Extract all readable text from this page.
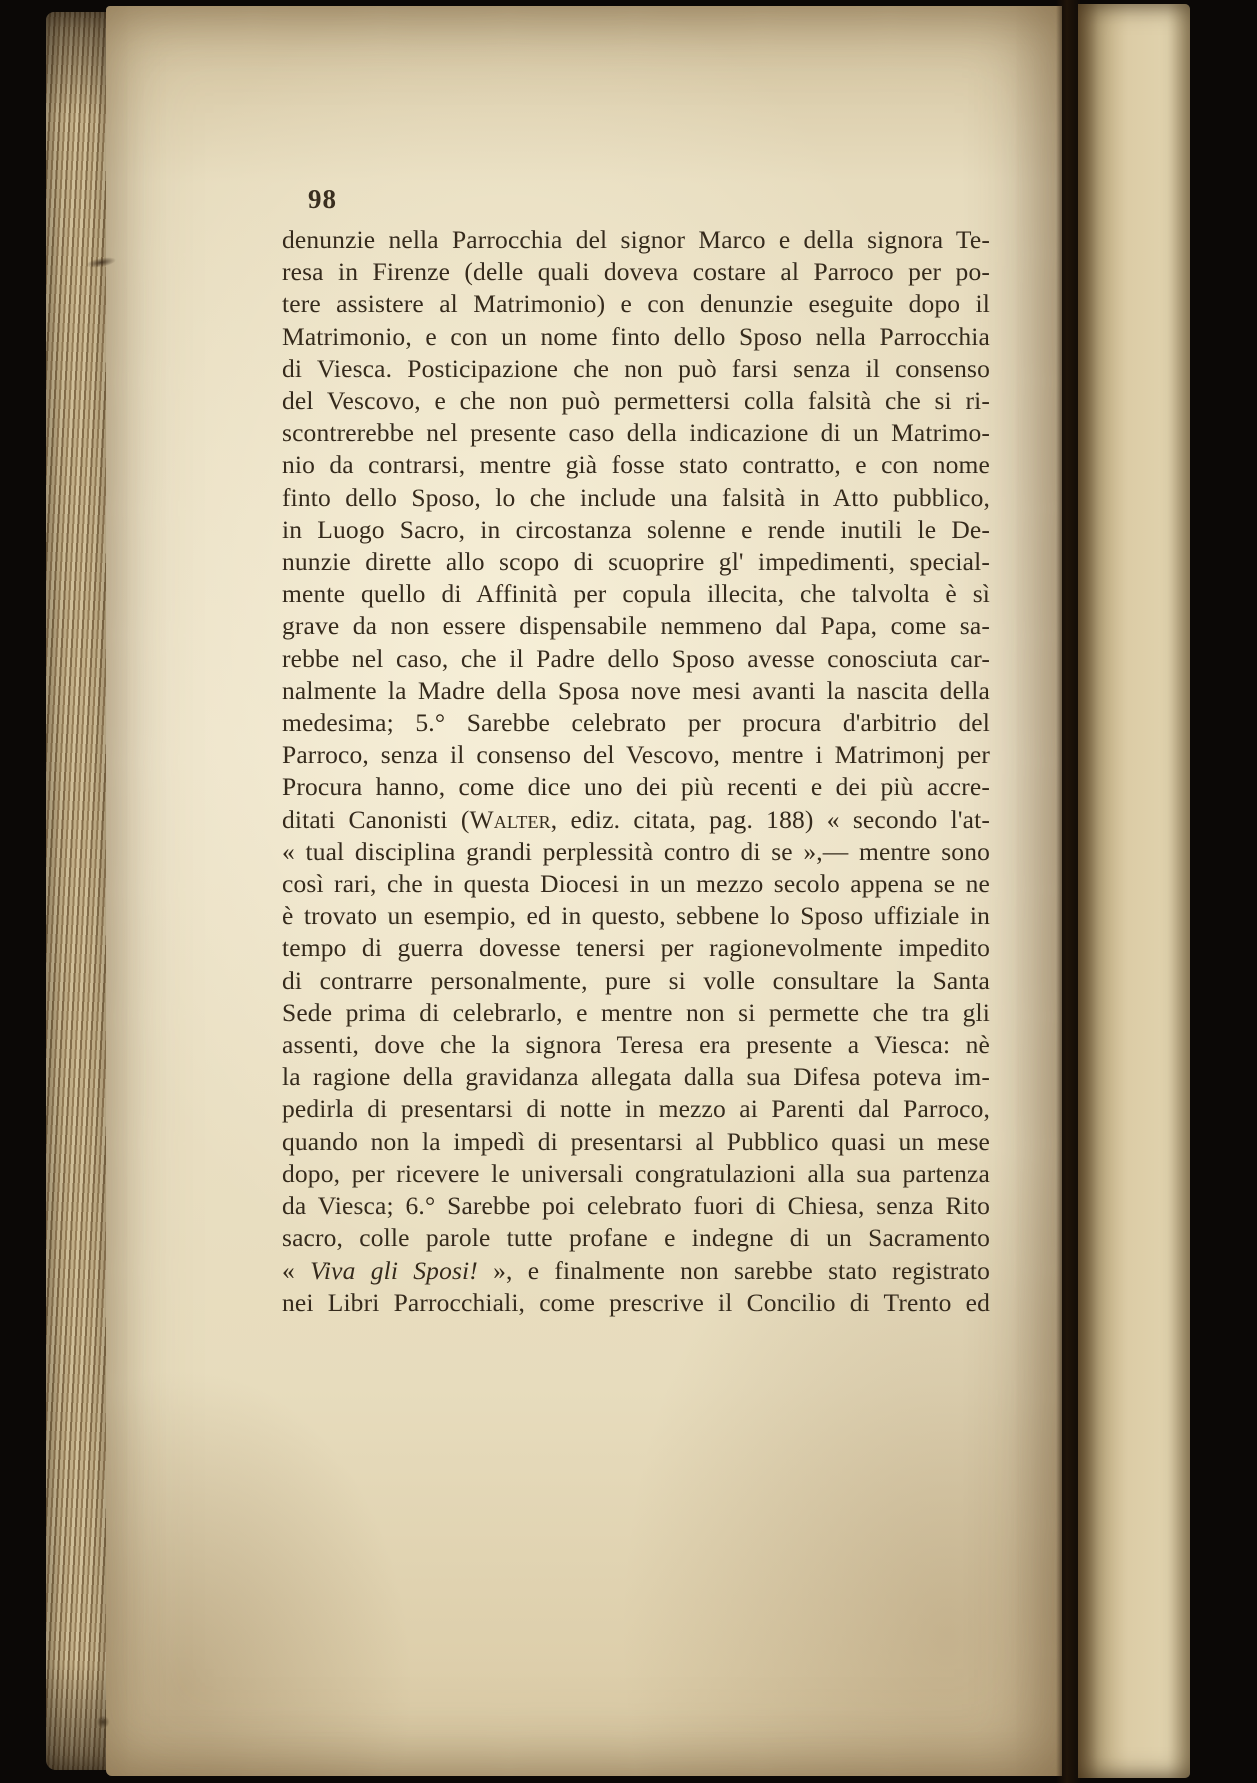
98
denunzie nella Parrocchia del signor Marco e della signora Te-
resa in Firenze (delle quali doveva costare al Parroco per po-
tere assistere al Matrimonio) e con denunzie eseguite dopo il
Matrimonio, e con un nome finto dello Sposo nella Parrocchia
di Viesca. Posticipazione che non può farsi senza il consenso
del Vescovo, e che non può permettersi colla falsità che si ri-
scontrerebbe nel presente caso della indicazione di un Matrimo-
nio da contrarsi, mentre già fosse stato contratto, e con nome
finto dello Sposo, lo che include una falsità in Atto pubblico,
in Luogo Sacro, in circostanza solenne e rende inutili le De-
nunzie dirette allo scopo di scuoprire gl' impedimenti, special-
mente quello di Affinità per copula illecita, che talvolta è sì
grave da non essere dispensabile nemmeno dal Papa, come sa-
rebbe nel caso, che il Padre dello Sposo avesse conosciuta car-
nalmente la Madre della Sposa nove mesi avanti la nascita della
medesima; 5.° Sarebbe celebrato per procura d'arbitrio del
Parroco, senza il consenso del Vescovo, mentre i Matrimonj per
Procura hanno, come dice uno dei più recenti e dei più accre-
ditati Canonisti (Walter, ediz. citata, pag. 188) « secondo l'at-
« tual disciplina grandi perplessità contro di se »,— mentre sono
così rari, che in questa Diocesi in un mezzo secolo appena se ne
è trovato un esempio, ed in questo, sebbene lo Sposo uffiziale in
tempo di guerra dovesse tenersi per ragionevolmente impedito
di contrarre personalmente, pure si volle consultare la Santa
Sede prima di celebrarlo, e mentre non si permette che tra gli
assenti, dove che la signora Teresa era presente a Viesca: nè
la ragione della gravidanza allegata dalla sua Difesa poteva im-
pedirla di presentarsi di notte in mezzo ai Parenti dal Parroco,
quando non la impedì di presentarsi al Pubblico quasi un mese
dopo, per ricevere le universali congratulazioni alla sua partenza
da Viesca; 6.° Sarebbe poi celebrato fuori di Chiesa, senza Rito
sacro, colle parole tutte profane e indegne di un Sacramento
« Viva gli Sposi! », e finalmente non sarebbe stato registrato
nei Libri Parrocchiali, come prescrive il Concilio di Trento ed
